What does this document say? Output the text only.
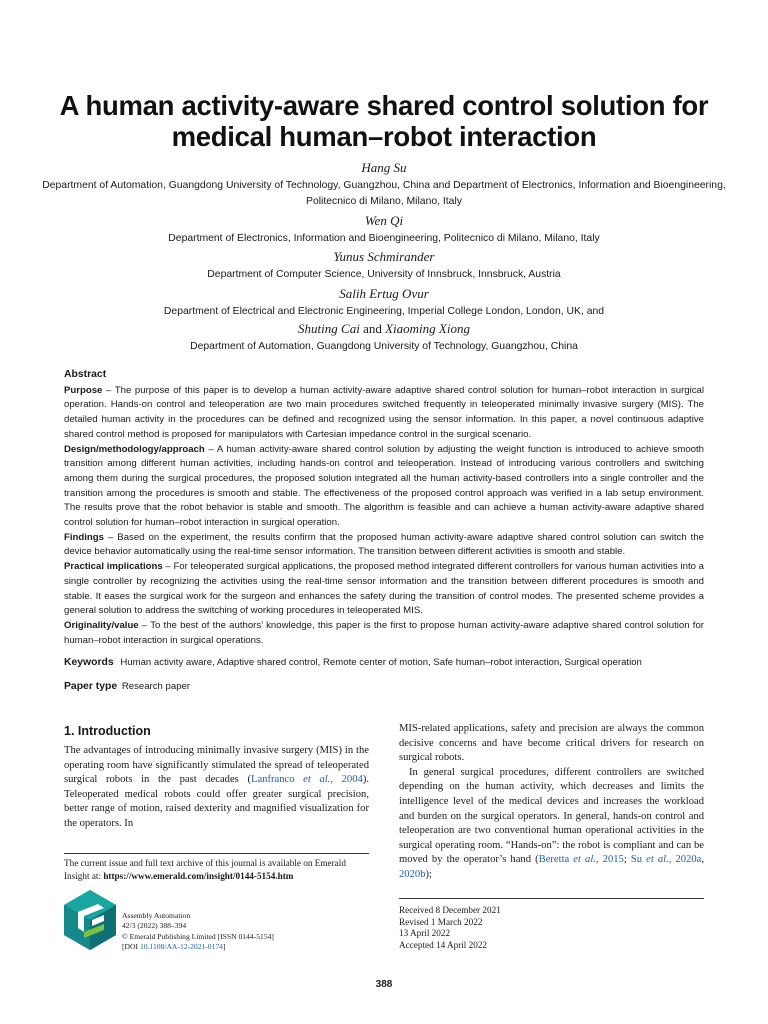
A human activity-aware shared control solution for medical human–robot interaction
Hang Su
Department of Automation, Guangdong University of Technology, Guangzhou, China and Department of Electronics, Information and Bioengineering, Politecnico di Milano, Milano, Italy
Wen Qi
Department of Electronics, Information and Bioengineering, Politecnico di Milano, Milano, Italy
Yunus Schmirander
Department of Computer Science, University of Innsbruck, Innsbruck, Austria
Salih Ertug Ovur
Department of Electrical and Electronic Engineering, Imperial College London, London, UK, and
Shuting Cai and Xiaoming Xiong
Department of Automation, Guangdong University of Technology, Guangzhou, China
Abstract

Purpose – The purpose of this paper is to develop a human activity-aware adaptive shared control solution for human–robot interaction in surgical operation. Hands-on control and teleoperation are two main procedures switched frequently in teleoperated minimally invasive surgery (MIS). The detailed human activity in the procedures can be defined and recognized using the sensor information. In this paper, a novel continuous adaptive shared control method is proposed for manipulators with Cartesian impedance control in the surgical scenario.

Design/methodology/approach – A human activity-aware shared control solution by adjusting the weight function is introduced to achieve smooth transition among different human activities, including hands-on control and teleoperation. Instead of introducing various controllers and switching among them during the surgical procedures, the proposed solution integrated all the human activity-based controllers into a single controller and the transition among the procedures is smooth and stable. The effectiveness of the proposed control approach was verified in a lab setup environment. The results prove that the robot behavior is stable and smooth. The algorithm is feasible and can achieve a human activity-aware adaptive shared control solution for human–robot interaction in surgical operation.

Findings – Based on the experiment, the results confirm that the proposed human activity-aware adaptive shared control solution can switch the device behavior automatically using the real-time sensor information. The transition between different activities is smooth and stable.

Practical implications – For teleoperated surgical applications, the proposed method integrated different controllers for various human activities into a single controller by recognizing the activities using the real-time sensor information and the transition between different procedures is smooth and stable. It eases the surgical work for the surgeon and enhances the safety during the transition of control modes. The presented scheme provides a general solution to address the switching of working procedures in teleoperated MIS.

Originality/value – To the best of the authors’ knowledge, this paper is the first to propose human activity-aware adaptive shared control solution for human–robot interaction in surgical operations.

Keywords Human activity aware, Adaptive shared control, Remote center of motion, Safe human–robot interaction, Surgical operation
Paper type Research paper
1. Introduction

The advantages of introducing minimally invasive surgery (MIS) in the operating room have significantly stimulated the spread of teleoperated surgical robots in the past decades (Lanfranco et al., 2004). Teleoperated medical robots could offer greater surgical precision, better range of motion, raised dexterity and magnified visualization for the operators. In

MIS-related applications, safety and precision are always the common decisive concerns and have become critical drivers for research on surgical robots.

In general surgical procedures, different controllers are switched depending on the human activity, which decreases and limits the intelligence level of the medical devices and increases the workload and burden on the surgical operators. In general, hands-on control and teleoperation are two conventional human operational activities in the surgical operating room. “Hands-on”: the robot is compliant and can be moved by the operator’s hand (Beretta et al., 2015; Su et al., 2020a, 2020b);

The current issue and full text archive of this journal is available on Emerald Insight at: https://www.emerald.com/insight/0144-5154.htm
Assembly Automation
42/3 (2022) 388–394
© Emerald Publishing Limited [ISSN 0144-5154]
[DOI 10.1108/AA-12-2021-0174]
Received 8 December 2021
Revised 1 March 2022
13 April 2022
Accepted 14 April 2022
388
